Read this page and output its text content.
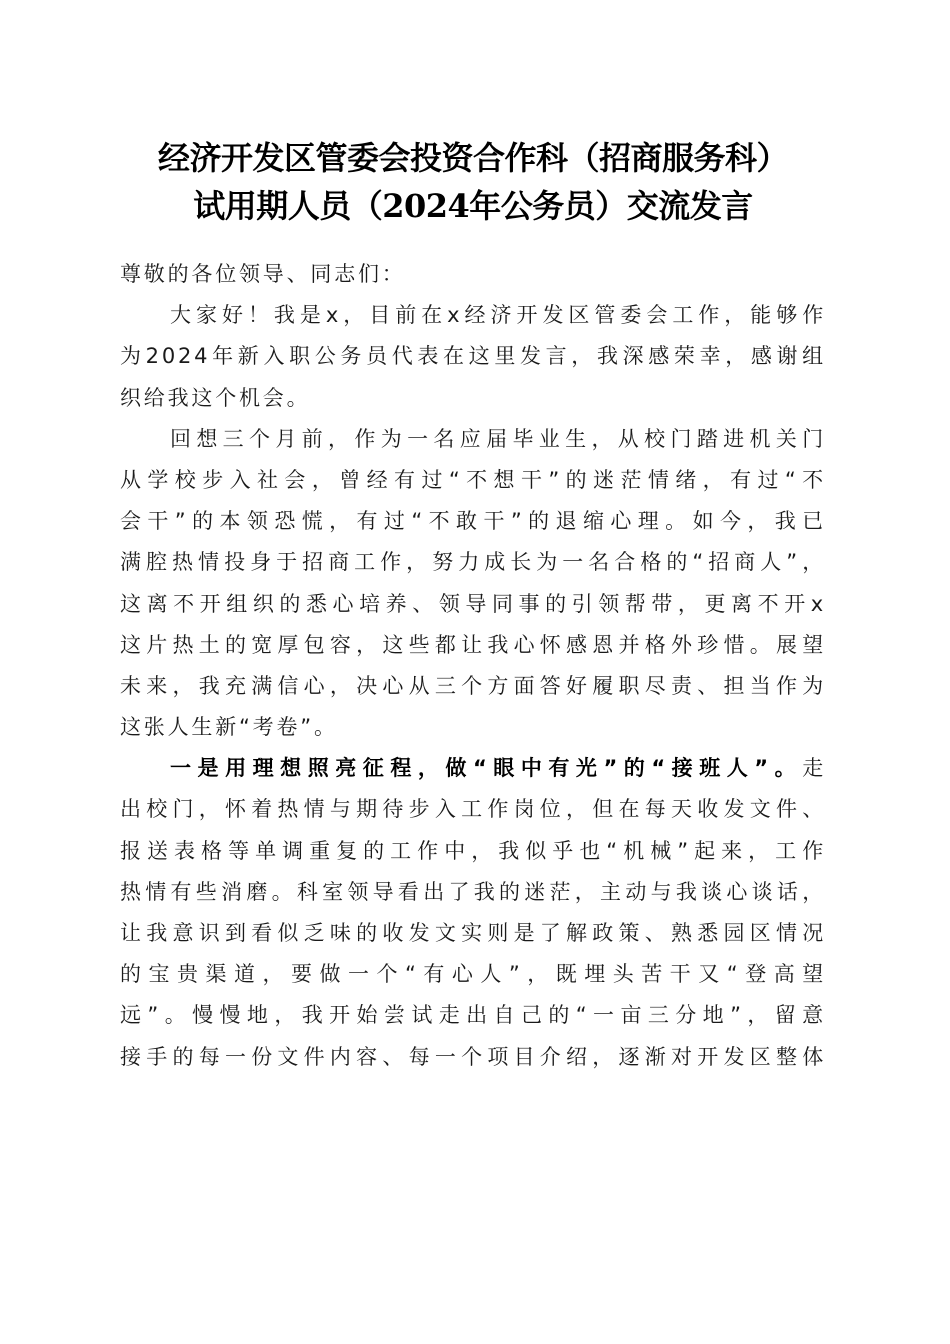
经济开发区管委会投资合作科（招商服务科）
试用期人员（2024年公务员）交流发言
尊敬的各位领导、同志们：
大家好！我是x，目前在x经济开发区管委会工作，能够作
为2024年新入职公务员代表在这里发言，我深感荣幸，感谢组
织给我这个机会。
回想三个月前，作为一名应届毕业生，从校门踏进机关门
从学校步入社会，曾经有过“不想干”的迷茫情绪，有过“不
会干”的本领恐慌，有过“不敢干”的退缩心理。如今，我已
满腔热情投身于招商工作，努力成长为一名合格的“招商人”，
这离不开组织的悉心培养、领导同事的引领帮带，更离不开x
这片热土的宽厚包容，这些都让我心怀感恩并格外珍惜。展望
未来，我充满信心，决心从三个方面答好履职尽责、担当作为
这张人生新“考卷”。
一是用理想照亮征程，做“眼中有光”的“接班人”。走
出校门，怀着热情与期待步入工作岗位，但在每天收发文件、
报送表格等单调重复的工作中，我似乎也“机械”起来，工作
热情有些消磨。科室领导看出了我的迷茫，主动与我谈心谈话，
让我意识到看似乏味的收发文实则是了解政策、熟悉园区情况
的宝贵渠道，要做一个“有心人”，既埋头苦干又“登高望
远”。慢慢地，我开始尝试走出自己的“一亩三分地”，留意
接手的每一份文件内容、每一个项目介绍，逐渐对开发区整体
